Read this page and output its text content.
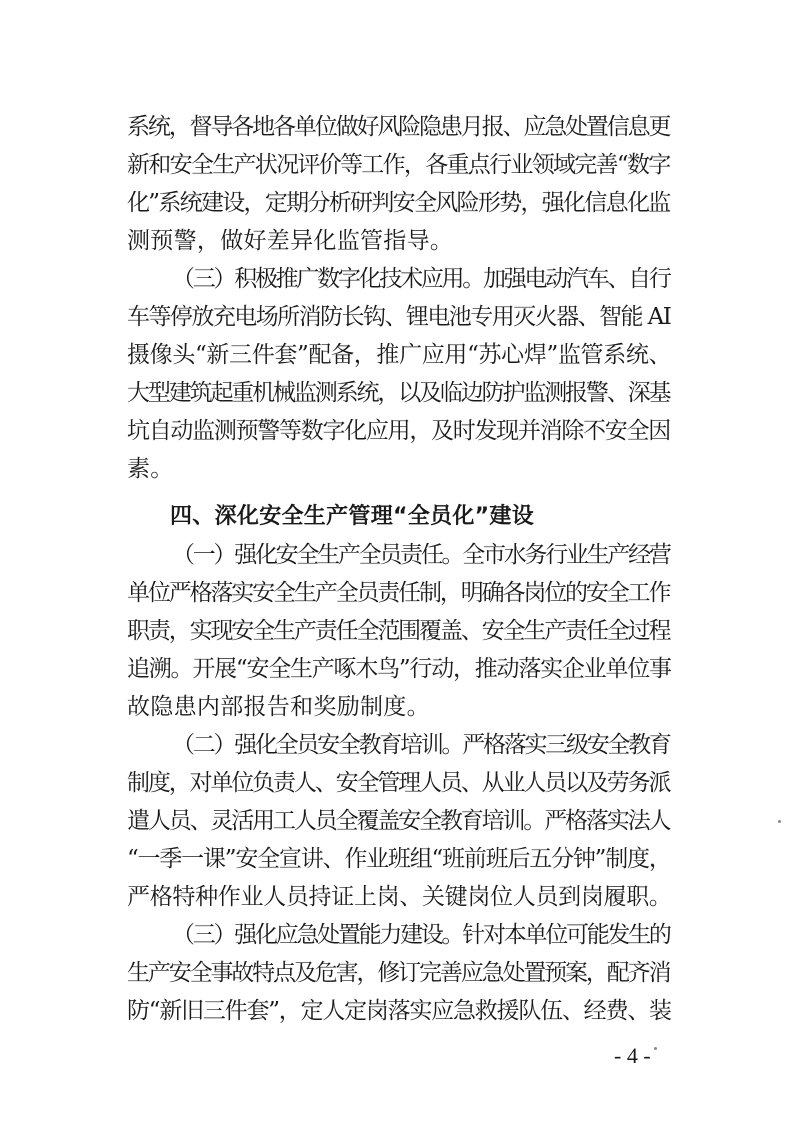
系统，督导各地各单位做好风险隐患月报、应急处置信息更
新和安全生产状况评价等工作，各重点行业领域完善“数字
化”系统建设，定期分析研判安全风险形势，强化信息化监
测预警，做好差异化监管指导。
（三）积极推广数字化技术应用。加强电动汽车、自行
车等停放充电场所消防长钩、锂电池专用灭火器、智能 AI
摄像头“新三件套”配备，推广应用“苏心焊”监管系统、
大型建筑起重机械监测系统，以及临边防护监测报警、深基
坑自动监测预警等数字化应用，及时发现并消除不安全因
素。
四、深化安全生产管理“全员化”建设
（一）强化安全生产全员责任。全市水务行业生产经营
单位严格落实安全生产全员责任制，明确各岗位的安全工作
职责，实现安全生产责任全范围覆盖、安全生产责任全过程
追溯。开展“安全生产啄木鸟”行动，推动落实企业单位事
故隐患内部报告和奖励制度。
（二）强化全员安全教育培训。严格落实三级安全教育
制度，对单位负责人、安全管理人员、从业人员以及劳务派
遣人员、灵活用工人员全覆盖安全教育培训。严格落实法人
“一季一课”安全宣讲、作业班组“班前班后五分钟”制度，
严格特种作业人员持证上岗、关键岗位人员到岗履职。
（三）强化应急处置能力建设。针对本单位可能发生的
生产安全事故特点及危害，修订完善应急处置预案，配齐消
防“新旧三件套”，定人定岗落实应急救援队伍、经费、装
- 4 -
